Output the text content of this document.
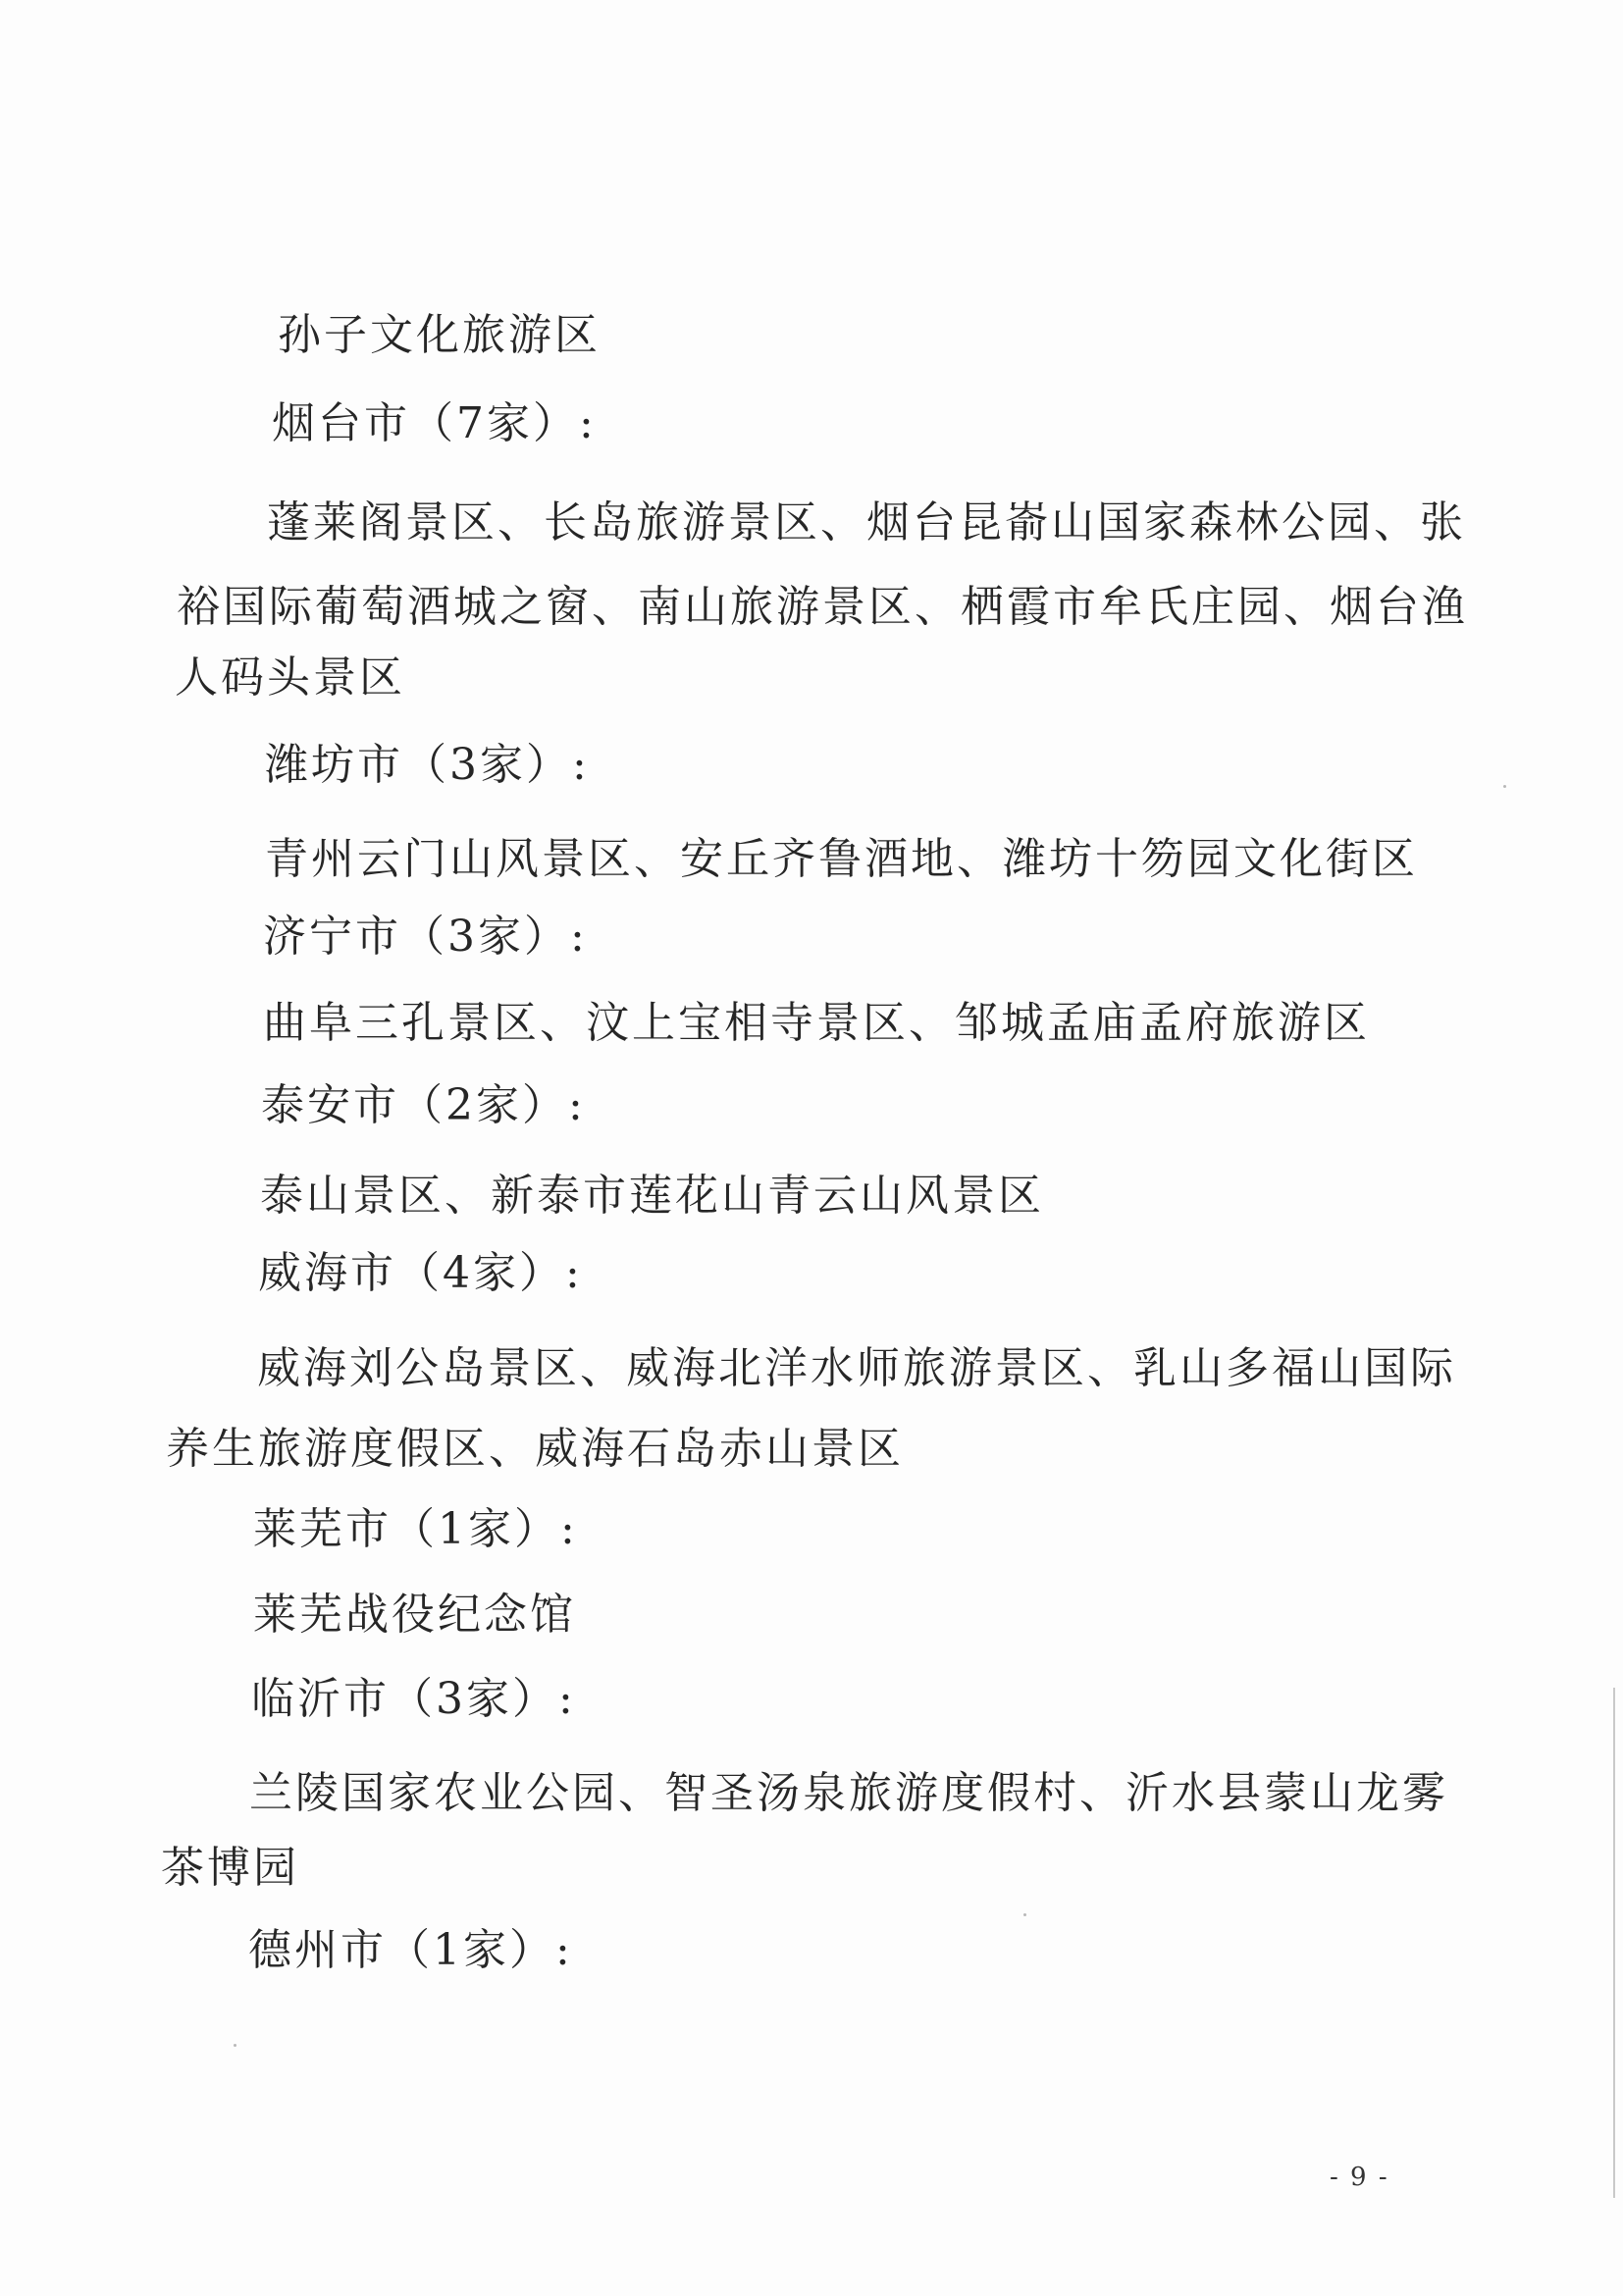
孙子文化旅游区
烟台市（7家）:
蓬莱阁景区、长岛旅游景区、烟台昆嵛山国家森林公园、张
裕国际葡萄酒城之窗、南山旅游景区、栖霞市牟氏庄园、烟台渔
人码头景区
潍坊市（3家）:
青州云门山风景区、安丘齐鲁酒地、潍坊十笏园文化街区
济宁市（3家）:
曲阜三孔景区、汶上宝相寺景区、邹城孟庙孟府旅游区
泰安市（2家）:
泰山景区、新泰市莲花山青云山风景区
威海市（4家）:
威海刘公岛景区、威海北洋水师旅游景区、乳山多福山国际
养生旅游度假区、威海石岛赤山景区
莱芜市（1家）:
莱芜战役纪念馆
临沂市（3家）:
兰陵国家农业公园、智圣汤泉旅游度假村、沂水县蒙山龙雾
茶博园
德州市（1家）:
- 9 -
